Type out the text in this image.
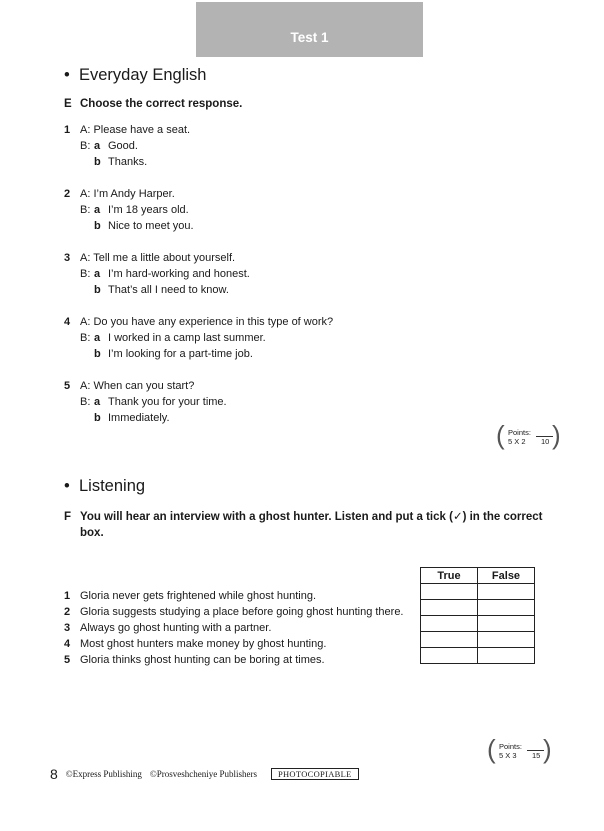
Test 1
• Everyday English
E Choose the correct response.
1 A: Please have a seat.
B: a Good.
b Thanks.
2 A: I’m Andy Harper.
B: a I’m 18 years old.
b Nice to meet you.
3 A: Tell me a little about yourself.
B: a I’m hard-working and honest.
b That’s all I need to know.
4 A: Do you have any experience in this type of work?
B: a I worked in a camp last summer.
b I’m looking for a part-time job.
5 A: When can you start?
B: a Thank you for your time.
b Immediately.
( )
Points:
5 X 2 10
• Listening
F You will hear an interview with a ghost hunter. Listen and put a tick (✓) in the correct
box.
1 Gloria never gets frightened while ghost hunting.
2 Gloria suggests studying a place before going ghost hunting there.
3 Always go ghost hunting with a partner.
4 Most ghost hunters make money by ghost hunting.
5 Gloria thinks ghost hunting can be boring at times.
True	False

( )
Points:
5 X 3 15
8 ©Express Publishing ©Prosveshcheniye Publishers	PHOTOCOPIABLE
